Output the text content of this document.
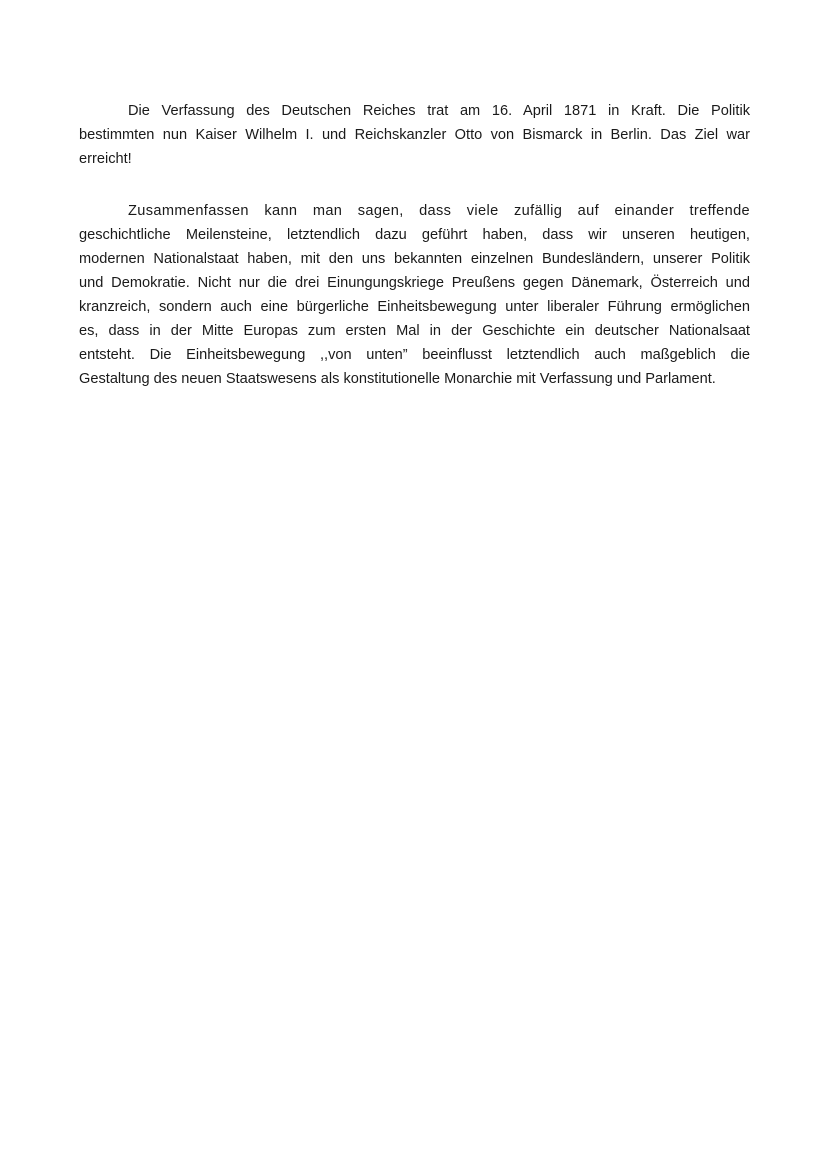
Die Verfassung des Deutschen Reiches trat am 16. April 1871 in Kraft. Die Politik
bestimmten nun Kaiser Wilhelm I. und Reichskanzler Otto von Bismarck in Berlin. Das Ziel war
erreicht!
Zusammenfassen kann man sagen, dass viele zufällig auf einander treffende
geschichtliche Meilensteine, letztendlich dazu geführt haben, dass wir unseren heutigen,
modernen Nationalstaat haben, mit den uns bekannten einzelnen Bundesländern, unserer Politik
und Demokratie. Nicht nur die drei Einungungskriege Preußens gegen Dänemark, Österreich und
kranzreich, sondern auch eine bürgerliche Einheitsbewegung unter liberaler Führung ermöglichen
es, dass in der Mitte Europas zum ersten Mal in der Geschichte ein deutscher Nationalsaat
entsteht. Die Einheitsbewegung ,,von unten” beeinflusst letztendlich auch maßgeblich die
Gestaltung des neuen Staatswesens als konstitutionelle Monarchie mit Verfassung und Parlament.
